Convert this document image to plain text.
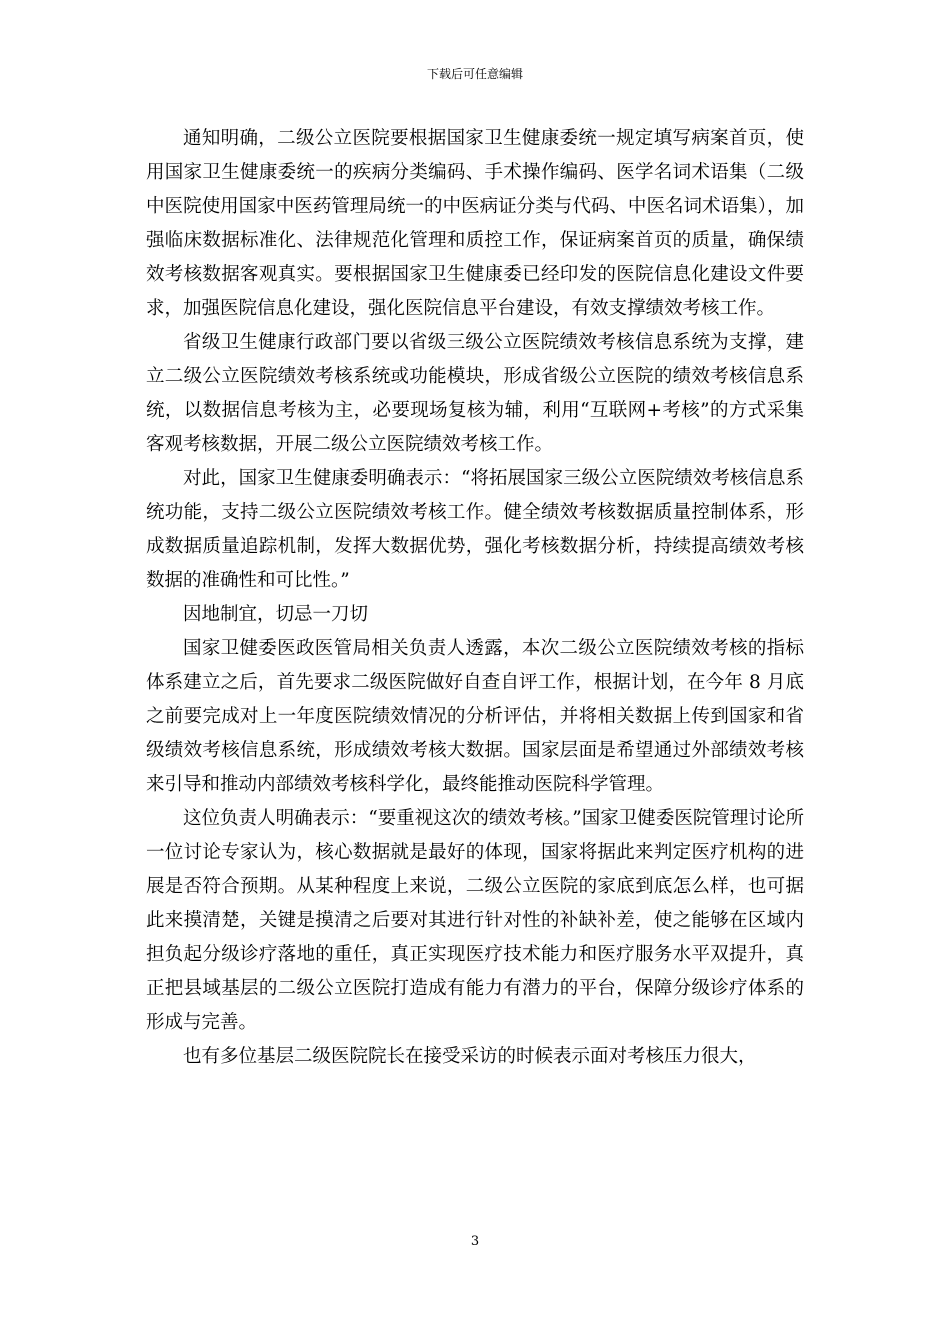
下载后可任意编辑

通知明确，二级公立医院要根据国家卫生健康委统一规定填写病案首页，使用国家卫生健康委统一的疾病分类编码、手术操作编码、医学名词术语集（二级中医院使用国家中医药管理局统一的中医病证分类与代码、中医名词术语集），加强临床数据标准化、法律规范化管理和质控工作，保证病案首页的质量，确保绩效考核数据客观真实。要根据国家卫生健康委已经印发的医院信息化建设文件要求，加强医院信息化建设，强化医院信息平台建设，有效支撑绩效考核工作。

省级卫生健康行政部门要以省级三级公立医院绩效考核信息系统为支撑，建立二级公立医院绩效考核系统或功能模块，形成省级公立医院的绩效考核信息系统，以数据信息考核为主，必要现场复核为辅，利用“互联网+考核”的方式采集客观考核数据，开展二级公立医院绩效考核工作。

对此，国家卫生健康委明确表示：“将拓展国家三级公立医院绩效考核信息系统功能，支持二级公立医院绩效考核工作。健全绩效考核数据质量控制体系，形成数据质量追踪机制，发挥大数据优势，强化考核数据分析，持续提高绩效考核数据的准确性和可比性。”

因地制宜，切忌一刀切

国家卫健委医政医管局相关负责人透露，本次二级公立医院绩效考核的指标体系建立之后，首先要求二级医院做好自查自评工作，根据计划，在今年 8 月底之前要完成对上一年度医院绩效情况的分析评估，并将相关数据上传到国家和省级绩效考核信息系统，形成绩效考核大数据。国家层面是希望通过外部绩效考核来引导和推动内部绩效考核科学化，最终能推动医院科学管理。

这位负责人明确表示：“要重视这次的绩效考核。”国家卫健委医院管理讨论所一位讨论专家认为，核心数据就是最好的体现，国家将据此来判定医疗机构的进展是否符合预期。从某种程度上来说，二级公立医院的家底到底怎么样，也可据此来摸清楚，关键是摸清之后要对其进行针对性的补缺补差，使之能够在区域内担负起分级诊疗落地的重任，真正实现医疗技术能力和医疗服务水平双提升，真正把县域基层的二级公立医院打造成有能力有潜力的平台，保障分级诊疗体系的形成与完善。

也有多位基层二级医院院长在接受采访的时候表示面对考核压力很大，

3
